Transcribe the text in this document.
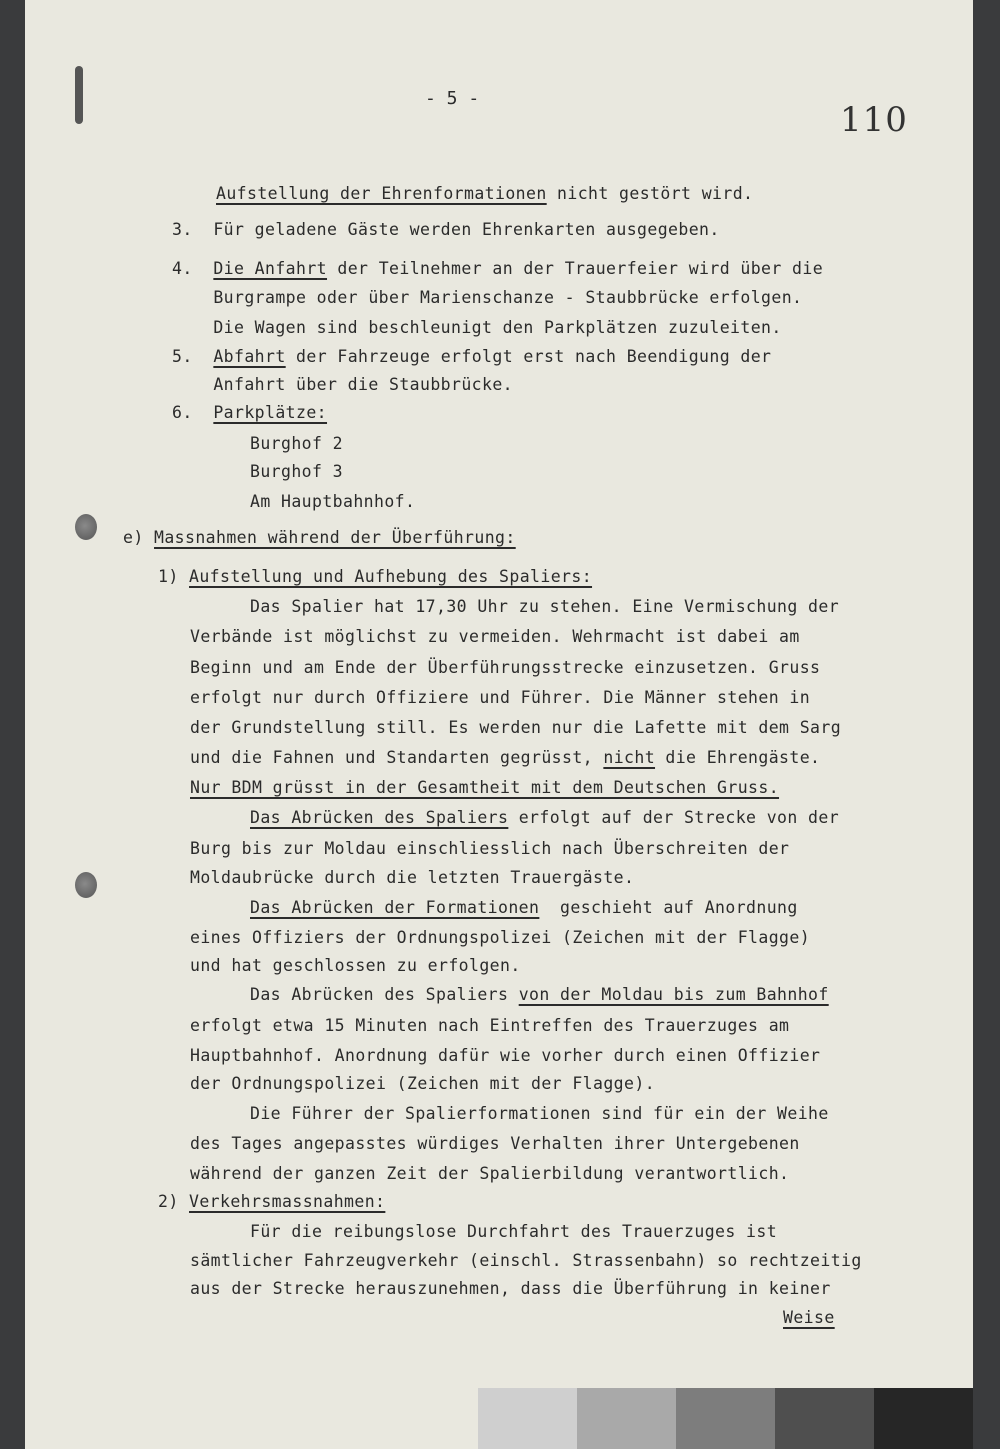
- 5 -
110
Aufstellung der Ehrenformationen nicht gestört wird.
3.  Für geladene Gäste werden Ehrenkarten ausgegeben.
4.  Die Anfahrt der Teilnehmer an der Trauerfeier wird über die
Burgrampe oder über Marienschanze - Staubbrücke erfolgen.
Die Wagen sind beschleunigt den Parkplätzen zuzuleiten.
5.  Abfahrt der Fahrzeuge erfolgt erst nach Beendigung der
Anfahrt über die Staubbrücke.
6.  Parkplätze:
Burghof 2
Burghof 3
Am Hauptbahnhof.
e) Massnahmen während der Überführung:
1) Aufstellung und Aufhebung des Spaliers:
Das Spalier hat 17,30 Uhr zu stehen. Eine Vermischung der
Verbände ist möglichst zu vermeiden. Wehrmacht ist dabei am
Beginn und am Ende der Überführungsstrecke einzusetzen. Gruss
erfolgt nur durch Offiziere und Führer. Die Männer stehen in
der Grundstellung still. Es werden nur die Lafette mit dem Sarg
und die Fahnen und Standarten gegrüsst, nicht die Ehrengäste.
Nur BDM grüsst in der Gesamtheit mit dem Deutschen Gruss.
Das Abrücken des Spaliers erfolgt auf der Strecke von der
Burg bis zur Moldau einschliesslich nach Überschreiten der
Moldaubrücke durch die letzten Trauergäste.
Das Abrücken der Formationen  geschieht auf Anordnung
eines Offiziers der Ordnungspolizei (Zeichen mit der Flagge)
und hat geschlossen zu erfolgen.
Das Abrücken des Spaliers von der Moldau bis zum Bahnhof
erfolgt etwa 15 Minuten nach Eintreffen des Trauerzuges am
Hauptbahnhof. Anordnung dafür wie vorher durch einen Offizier
der Ordnungspolizei (Zeichen mit der Flagge).
Die Führer der Spalierformationen sind für ein der Weihe
des Tages angepasstes würdiges Verhalten ihrer Untergebenen
während der ganzen Zeit der Spalierbildung verantwortlich.
2) Verkehrsmassnahmen:
Für die reibungslose Durchfahrt des Trauerzuges ist
sämtlicher Fahrzeugverkehr (einschl. Strassenbahn) so rechtzeitig
aus der Strecke herauszunehmen, dass die Überführung in keiner
Weise
